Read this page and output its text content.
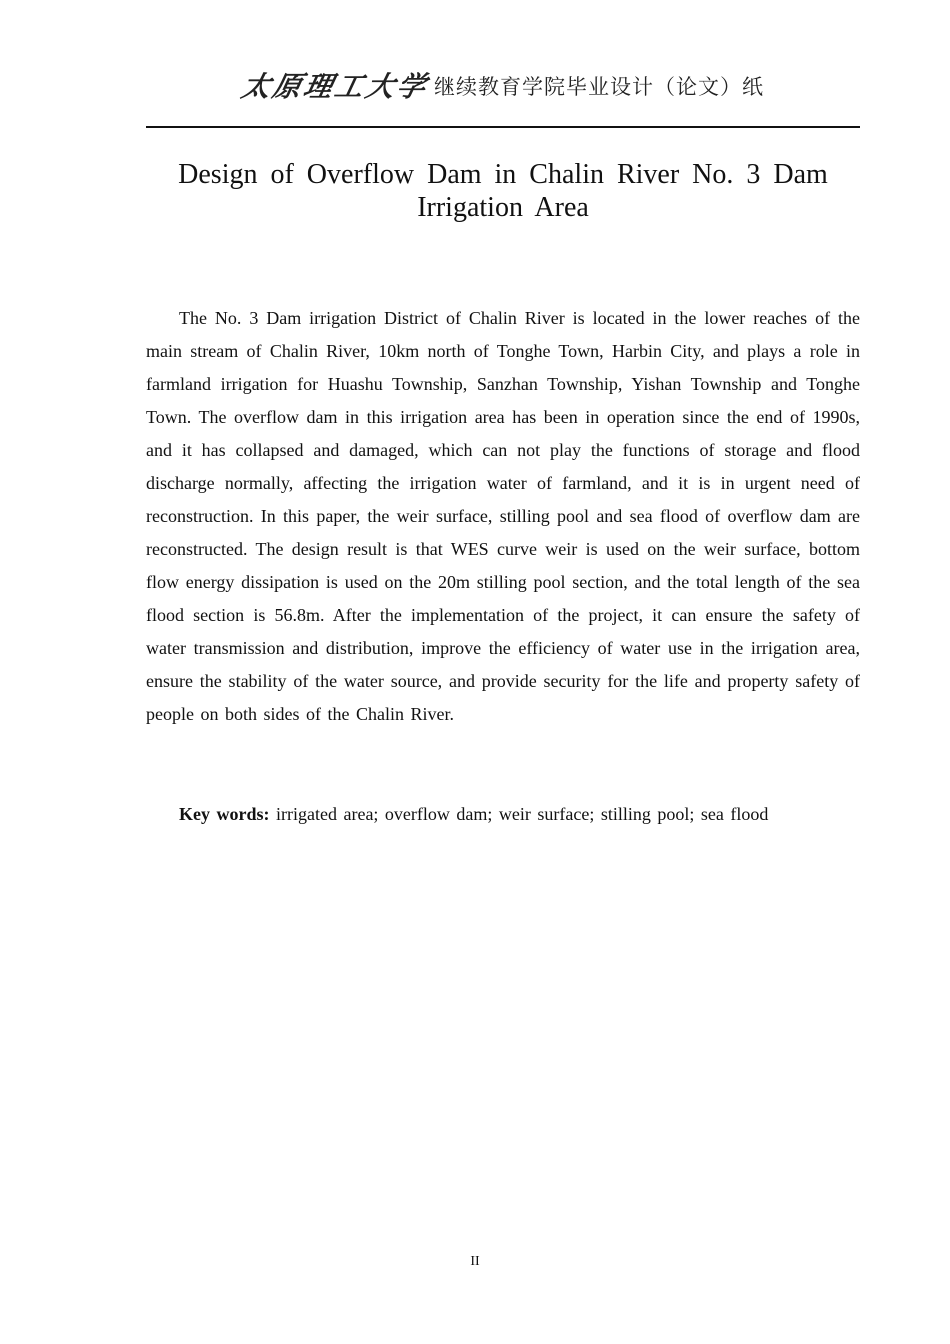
太原理工大学 继续教育学院毕业设计（论文）纸
Design of Overflow Dam in Chalin River No. 3 Dam Irrigation Area

The No. 3 Dam irrigation District of Chalin River is located in the lower reaches of the main stream of Chalin River, 10km north of Tonghe Town, Harbin City, and plays a role in farmland irrigation for Huashu Township, Sanzhan Township, Yishan Township and Tonghe Town. The overflow dam in this irrigation area has been in operation since the end of 1990s, and it has collapsed and damaged, which can not play the functions of storage and flood discharge normally, affecting the irrigation water of farmland, and it is in urgent need of reconstruction. In this paper, the weir surface, stilling pool and sea flood of overflow dam are reconstructed. The design result is that WES curve weir is used on the weir surface, bottom flow energy dissipation is used on the 20m stilling pool section, and the total length of the sea flood section is 56.8m. After the implementation of the project, it can ensure the safety of water transmission and distribution, improve the efficiency of water use in the irrigation area, ensure the stability of the water source, and provide security for the life and property safety of people on both sides of the Chalin River.

Key words: irrigated area; overflow dam; weir surface; stilling pool; sea flood

II
